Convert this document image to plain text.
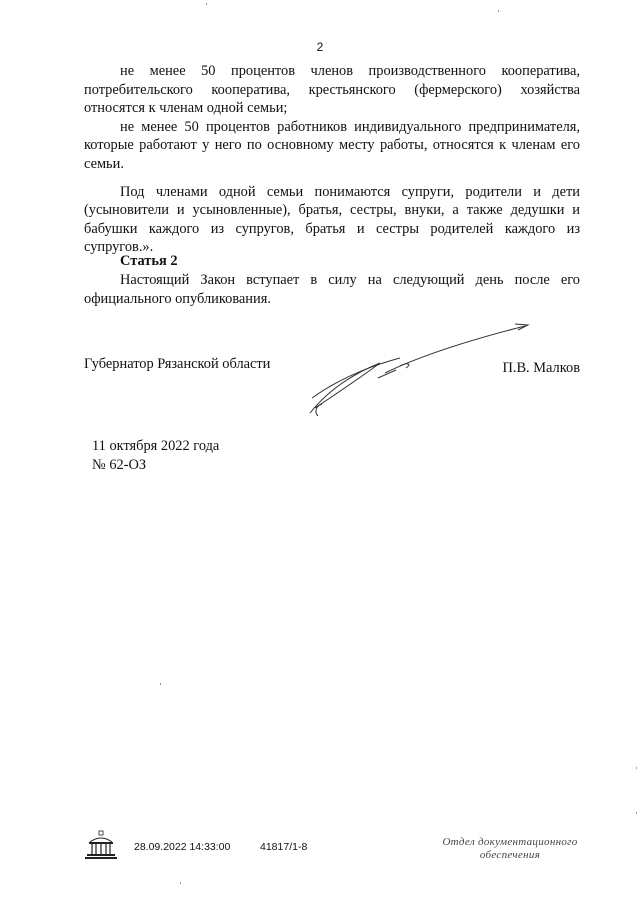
2

не менее 50 процентов членов производственного кооператива, потребительского кооператива, крестьянского (фермерского) хозяйства относятся к членам одной семьи;

не менее 50 процентов работников индивидуального предпринимателя, которые работают у него по основному месту работы, относятся к членам его семьи.

Под членами одной семьи понимаются супруги, родители и дети (усыновители и усыновленные), братья, сестры, внуки, а также дедушки и бабушки каждого из супругов, братья и сестры родителей каждого из супругов.».

Статья 2

Настоящий Закон вступает в силу на следующий день после его официального опубликования.

Губернатор Рязанской области	П.В. Малков
11 октября 2022 года
№ 62-ОЗ
28.09.2022 14:33:00	41817/1-8	Отдел документационного
обеспечения
